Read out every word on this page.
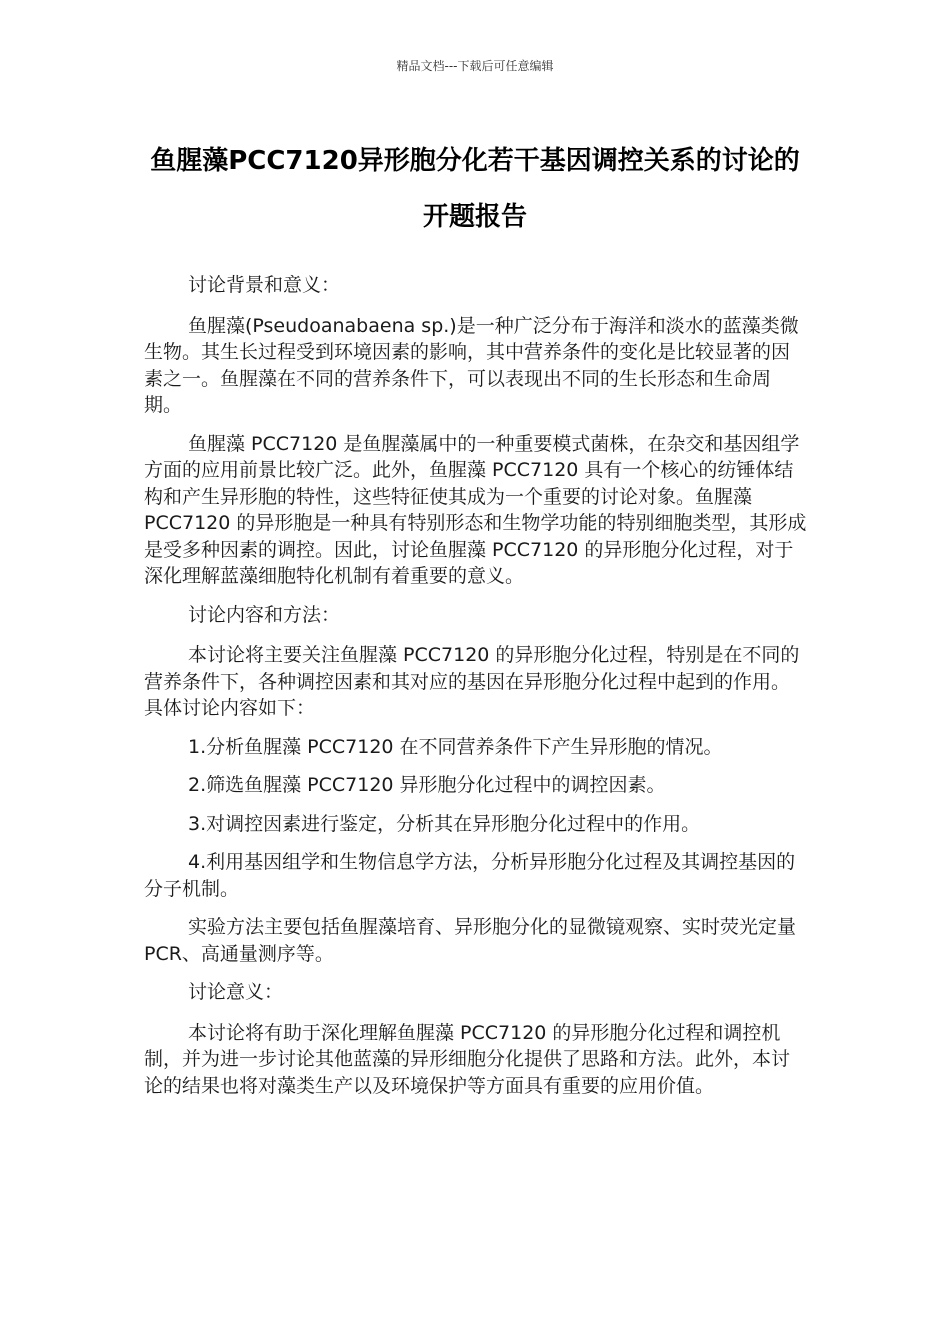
精品文档---下载后可任意编辑
鱼腥藻PCC7120异形胞分化若干基因调控关系的讨论的开题报告

讨论背景和意义：

鱼腥藻(Pseudoanabaena sp.)是一种广泛分布于海洋和淡水的蓝藻类微生物。其生长过程受到环境因素的影响，其中营养条件的变化是比较显著的因素之一。鱼腥藻在不同的营养条件下，可以表现出不同的生长形态和生命周期。

鱼腥藻 PCC7120 是鱼腥藻属中的一种重要模式菌株，在杂交和基因组学方面的应用前景比较广泛。此外，鱼腥藻 PCC7120 具有一个核心的纺锤体结构和产生异形胞的特性，这些特征使其成为一个重要的讨论对象。鱼腥藻 PCC7120 的异形胞是一种具有特别形态和生物学功能的特别细胞类型，其形成是受多种因素的调控。因此，讨论鱼腥藻 PCC7120 的异形胞分化过程，对于深化理解蓝藻细胞特化机制有着重要的意义。

讨论内容和方法：

本讨论将主要关注鱼腥藻 PCC7120 的异形胞分化过程，特别是在不同的营养条件下，各种调控因素和其对应的基因在异形胞分化过程中起到的作用。具体讨论内容如下：

1.分析鱼腥藻 PCC7120 在不同营养条件下产生异形胞的情况。

2.筛选鱼腥藻 PCC7120 异形胞分化过程中的调控因素。

3.对调控因素进行鉴定，分析其在异形胞分化过程中的作用。

4.利用基因组学和生物信息学方法，分析异形胞分化过程及其调控基因的分子机制。

实验方法主要包括鱼腥藻培育、异形胞分化的显微镜观察、实时荧光定量 PCR、高通量测序等。

讨论意义：

本讨论将有助于深化理解鱼腥藻 PCC7120 的异形胞分化过程和调控机制，并为进一步讨论其他蓝藻的异形细胞分化提供了思路和方法。此外，本讨论的结果也将对藻类生产以及环境保护等方面具有重要的应用价值。
